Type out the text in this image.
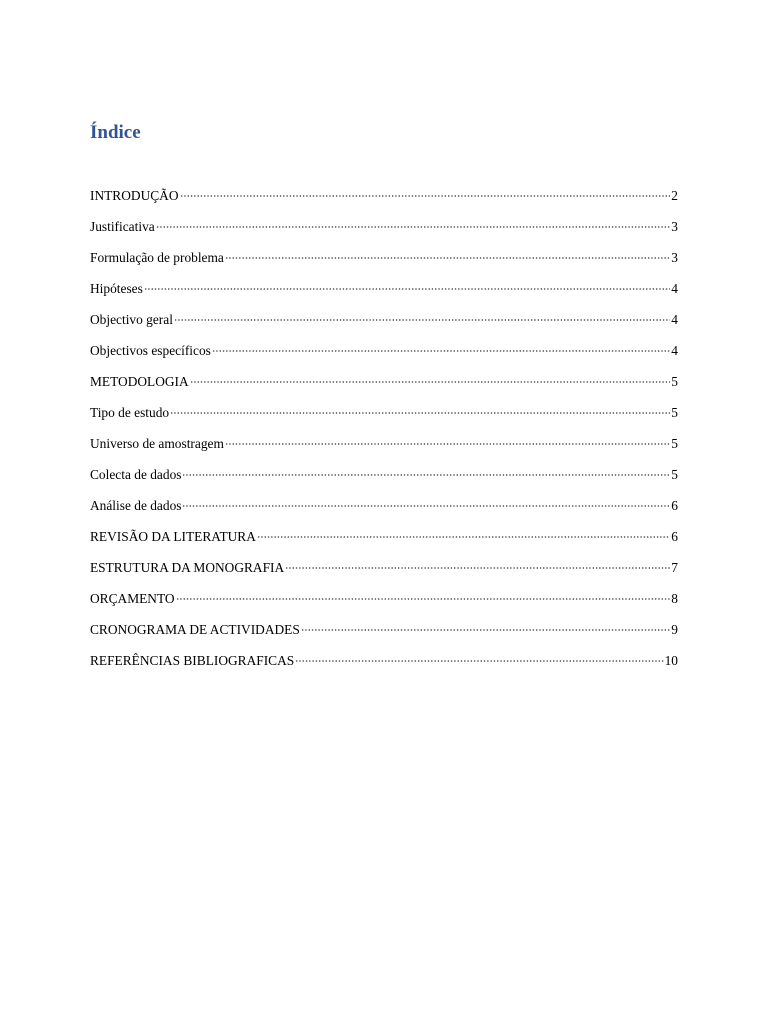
Índice
INTRODUÇÃO	2
Justificativa	3
Formulação de problema	3
Hipóteses	4
Objectivo geral	4
Objectivos específicos	4
METODOLOGIA	5
Tipo de estudo	5
Universo de amostragem	5
Colecta de dados	5
Análise de dados	6
REVISÃO DA LITERATURA	6
ESTRUTURA DA MONOGRAFIA	7
ORÇAMENTO	8
CRONOGRAMA DE ACTIVIDADES	9
REFERÊNCIAS BIBLIOGRAFICAS	10
